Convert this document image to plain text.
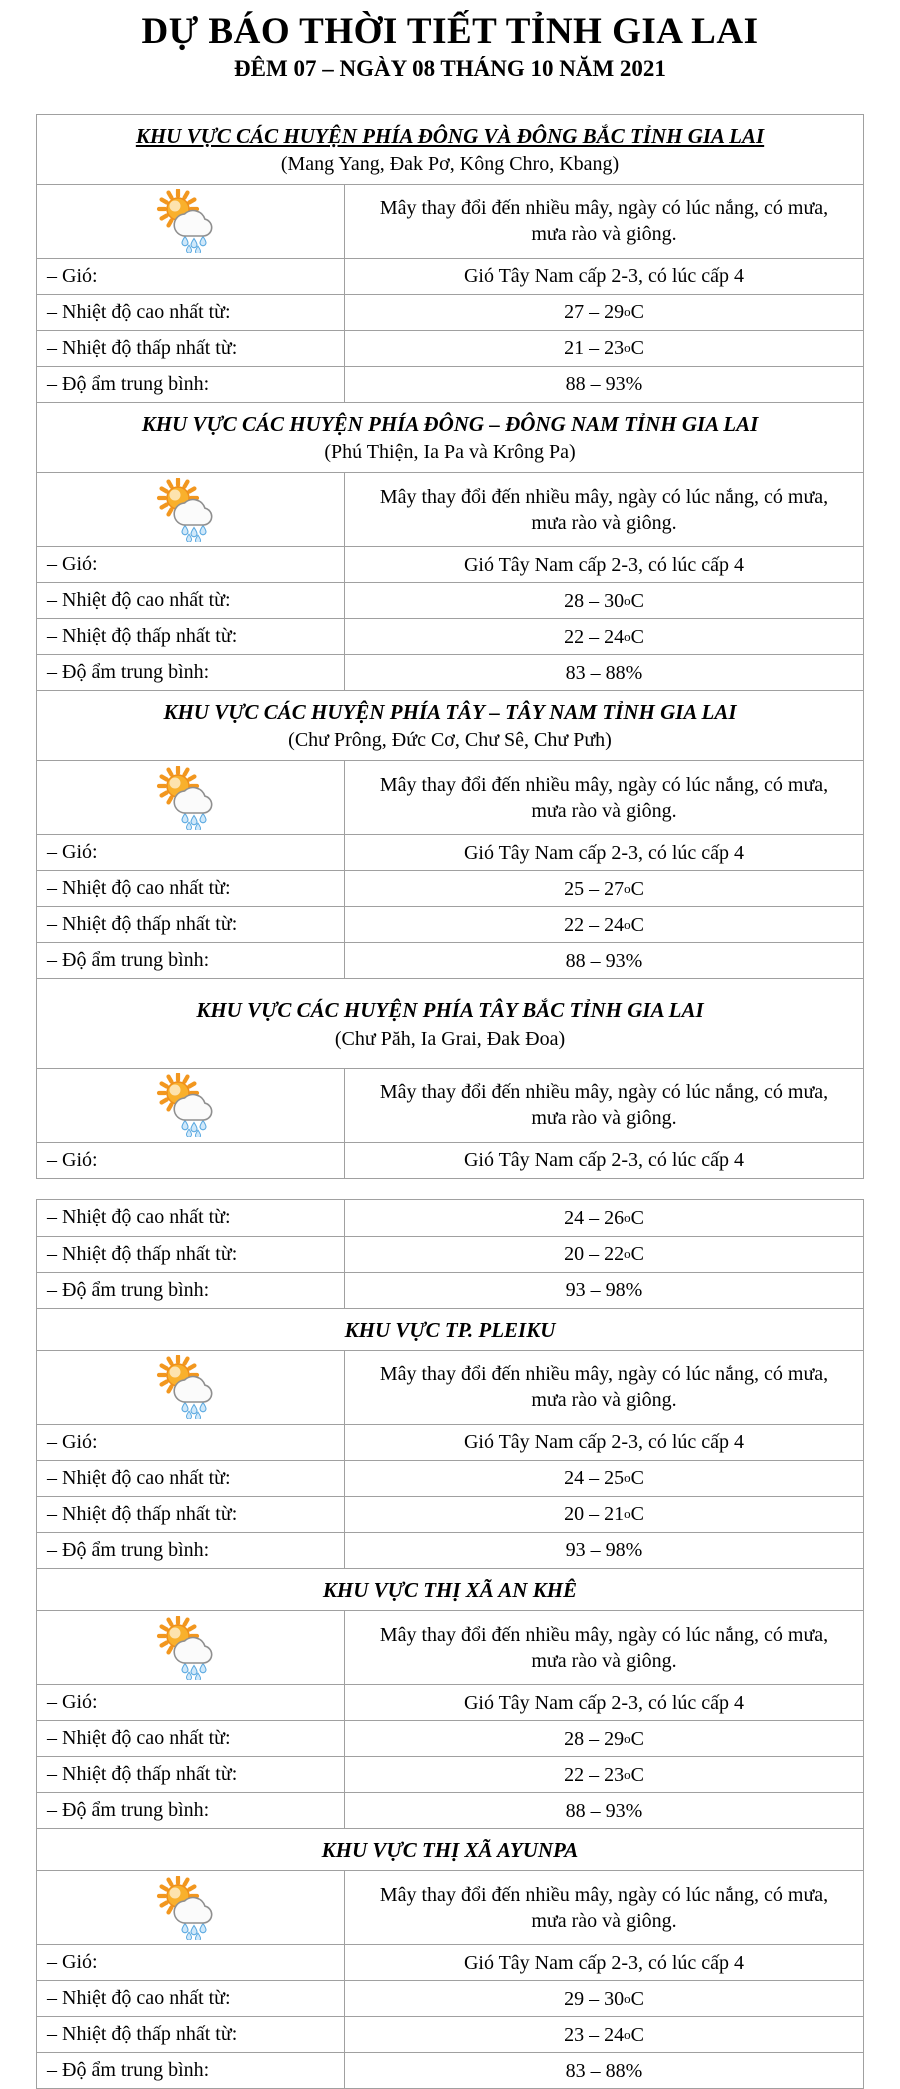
DỰ BÁO THỜI TIẾT TỈNH GIA LAI
ĐÊM 07 – NGÀY 08 THÁNG 10 NĂM 2021
KHU VỰC CÁC HUYỆN PHÍA ĐÔNG VÀ ĐÔNG BẮC TỈNH GIA LAI
(Mang Yang, Đak Pơ, Kông Chro, Kbang)
Mây thay đổi đến nhiều mây, ngày có lúc nắng, có mưa, mưa rào và giông.
– Gió:	Gió Tây Nam cấp 2-3, có lúc cấp 4
– Nhiệt độ cao nhất từ:	27 – 29 o C
– Nhiệt độ thấp nhất từ:	21 – 23 o C
– Độ ẩm trung bình:	88 – 93%
KHU VỰC CÁC HUYỆN PHÍA ĐÔNG – ĐÔNG NAM TỈNH GIA LAI
(Phú Thiện, Ia Pa và Krông Pa)
Mây thay đổi đến nhiều mây, ngày có lúc nắng, có mưa, mưa rào và giông.
– Gió:	Gió Tây Nam cấp 2-3, có lúc cấp 4
– Nhiệt độ cao nhất từ:	28 – 30 o C
– Nhiệt độ thấp nhất từ:	22 – 24 o C
– Độ ẩm trung bình:	83 – 88%
KHU VỰC CÁC HUYỆN PHÍA TÂY – TÂY NAM TỈNH GIA LAI
(Chư Prông, Đức Cơ, Chư Sê, Chư Pưh)
Mây thay đổi đến nhiều mây, ngày có lúc nắng, có mưa, mưa rào và giông.
– Gió:	Gió Tây Nam cấp 2-3, có lúc cấp 4
– Nhiệt độ cao nhất từ:	25 – 27 o C
– Nhiệt độ thấp nhất từ:	22 – 24 o C
– Độ ẩm trung bình:	88 – 93%
KHU VỰC CÁC HUYỆN PHÍA TÂY BẮC TỈNH GIA LAI
(Chư Păh, Ia Grai, Đak Đoa)
Mây thay đổi đến nhiều mây, ngày có lúc nắng, có mưa, mưa rào và giông.
– Gió:	Gió Tây Nam cấp 2-3, có lúc cấp 4
– Nhiệt độ cao nhất từ:	24 – 26 o C
– Nhiệt độ thấp nhất từ:	20 – 22 o C
– Độ ẩm trung bình:	93 – 98%
KHU VỰC TP. PLEIKU
Mây thay đổi đến nhiều mây, ngày có lúc nắng, có mưa, mưa rào và giông.
– Gió:	Gió Tây Nam cấp 2-3, có lúc cấp 4
– Nhiệt độ cao nhất từ:	24 – 25 o C
– Nhiệt độ thấp nhất từ:	20 – 21 o C
– Độ ẩm trung bình:	93 – 98%
KHU VỰC THỊ XÃ AN KHÊ
Mây thay đổi đến nhiều mây, ngày có lúc nắng, có mưa, mưa rào và giông.
– Gió:	Gió Tây Nam cấp 2-3, có lúc cấp 4
– Nhiệt độ cao nhất từ:	28 – 29 o C
– Nhiệt độ thấp nhất từ:	22 – 23 o C
– Độ ẩm trung bình:	88 – 93%
KHU VỰC THỊ XÃ AYUNPA
Mây thay đổi đến nhiều mây, ngày có lúc nắng, có mưa, mưa rào và giông.
– Gió:	Gió Tây Nam cấp 2-3, có lúc cấp 4
– Nhiệt độ cao nhất từ:	29 – 30 o C
– Nhiệt độ thấp nhất từ:	23 – 24 o C
– Độ ẩm trung bình:	83 – 88%
